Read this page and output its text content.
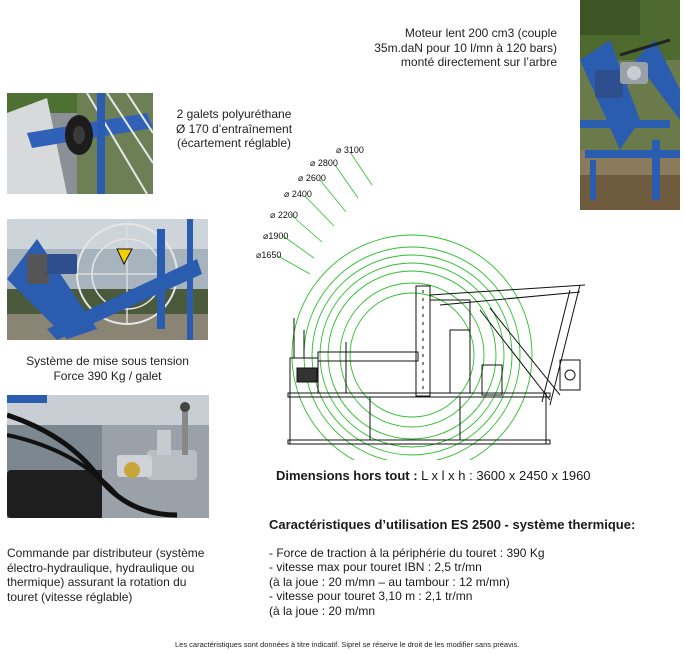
Moteur lent 200 cm3 (couple
35m.daN pour 10 l/mn à 120 bars)
monté directement sur l’arbre
2 galets polyuréthane
Ø 170 d’entraînement
(écartement réglable)
Système de mise sous tension
Force 390 Kg / galet
Commande par distributeur (système
électro-hydraulique, hydraulique ou
thermique) assurant la rotation du
touret (vitesse réglable)
⌀ 3100
⌀ 2800
⌀ 2600
⌀ 2400
⌀ 2200
⌀1900
⌀1650
Dimensions hors tout : L x l x h : 3600 x 2450 x 1960
Caractéristiques d’utilisation ES 2500 - système thermique:
- Force de traction à la périphérie du touret : 390 Kg
- vitesse max pour touret IBN : 2,5 tr/mn
(à la joue : 20 m/mn – au tambour : 12 m/mn)
- vitesse pour touret 3,10 m : 2,1 tr/mn
(à la joue : 20 m/mn
Les caractéristiques sont données à titre indicatif. Siprel se réserve le droit de les modifier sans préavis.
